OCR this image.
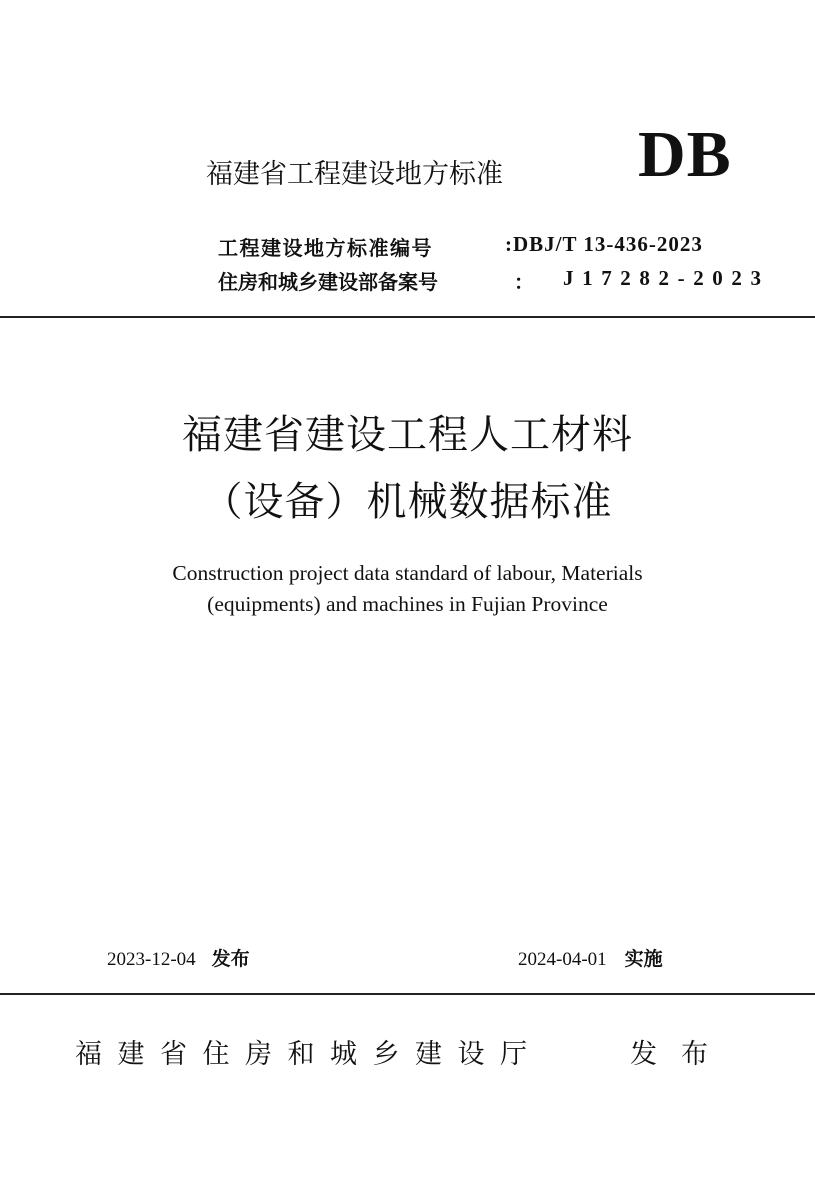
福建省工程建设地方标准 DB
工程建设地方标准编号	:DBJ/T 13-436-2023
住房和城乡建设部备案号	： J17282-2023
福建省建设工程人工材料
（设备）机械数据标准
Construction project data standard of labour, Materials
(equipments) and machines in Fujian Province
2023-12-04 发布	2024-04-01 实施
福建省住房和城乡建设厅	发布
